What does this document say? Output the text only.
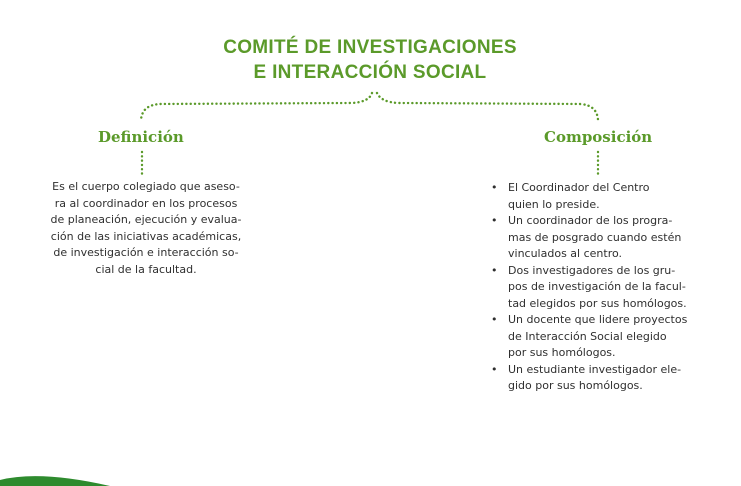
COMITÉ DE INVESTIGACIONES
E INTERACCIÓN SOCIAL
Definición	Composición

Es el cuerpo colegiado que aseso-
ra al coordinador en los procesos
de planeación, ejecución y evalua-
ción de las iniciativas académicas,
de investigación e interacción so-
cial de la facultad.

• El Coordinador del Centro
quien lo preside.
• Un coordinador de los progra-
mas de posgrado cuando estén
vinculados al centro.
• Dos investigadores de los gru-
pos de investigación de la facul-
tad elegidos por sus homólogos.
• Un docente que lidere proyectos
de Interacción Social elegido
por sus homólogos.
• Un estudiante investigador ele-
gido por sus homólogos.
